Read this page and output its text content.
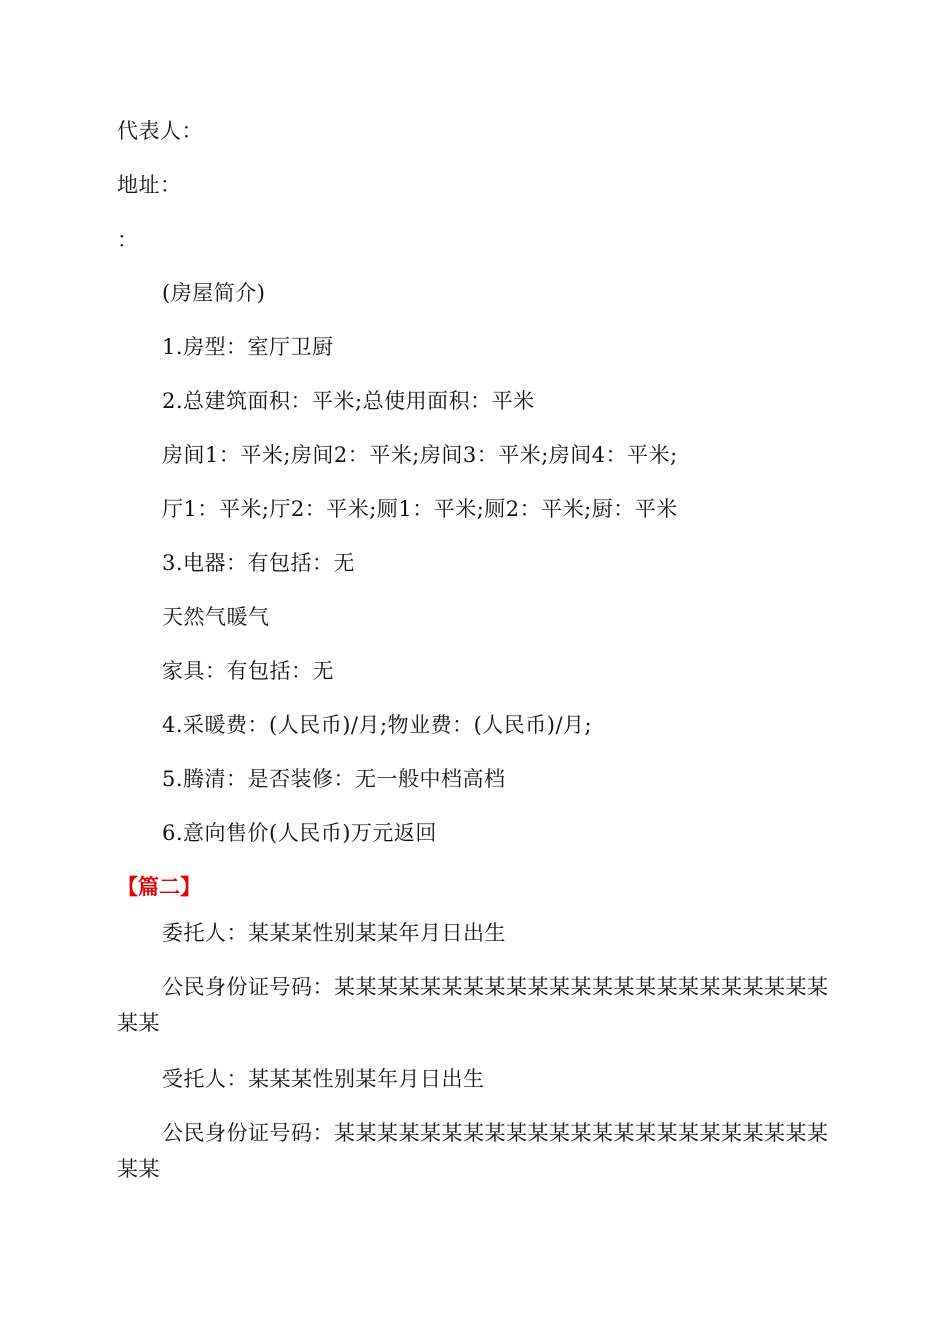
代表人：
地址：
：
(房屋简介)
1.房型：室厅卫厨
2.总建筑面积：平米;总使用面积：平米
房间1：平米;房间2：平米;房间3：平米;房间4：平米;
厅1：平米;厅2：平米;厕1：平米;厕2：平米;厨：平米
3.电器：有包括：无
天然气暖气
家具：有包括：无
4.采暖费：(人民币)/月;物业费：(人民币)/月;
5.腾清：是否装修：无一般中档高档
6.意向售价(人民币)万元返回
【篇二】
委托人：某某某性别某某年月日出生
公民身份证号码：某某某某某某某某某某某某某某某某某某某某某某某某某
受托人：某某某性别某年月日出生
公民身份证号码：某某某某某某某某某某某某某某某某某某某某某某某某某
